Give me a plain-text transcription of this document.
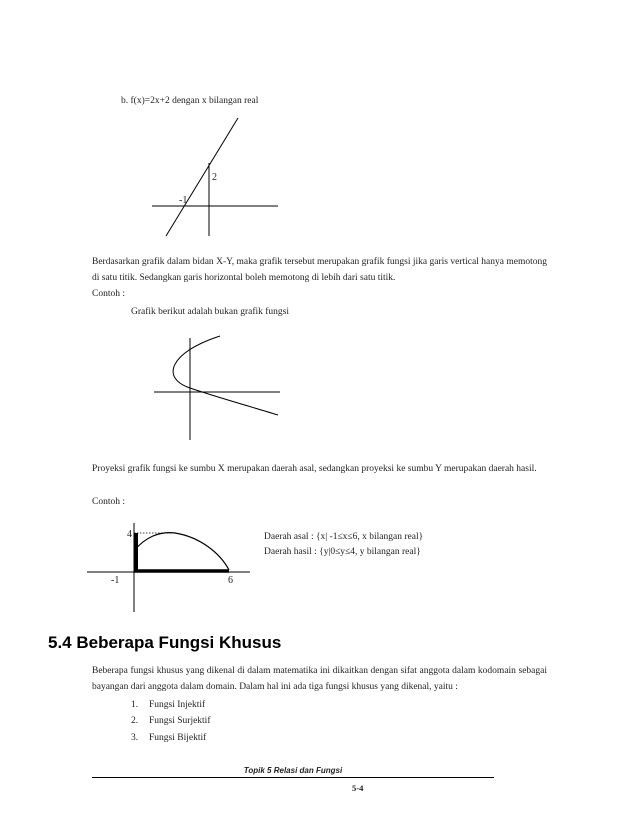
b. f(x)=2x+2 dengan x bilangan real
2
-1
Berdasarkan grafik dalam bidan X-Y, maka grafik tersebut merupakan grafik fungsi jika garis vertical hanya memotong di satu titik. Sedangkan garis horizontal boleh memotong di lebih dari satu titik.
Contoh :
Grafik berikut adalah bukan grafik fungsi
Proyeksi grafik fungsi ke sumbu X merupakan daerah asal, sedangkan proyeksi ke sumbu Y merupakan daerah hasil.
Contoh :
4
-1	6
Daerah asal : {x| -1≤x≤6, x bilangan real}
Daerah hasil : {y|0≤y≤4, y bilangan real}
5.4 Beberapa Fungsi Khusus
Beberapa fungsi khusus yang dikenal di dalam matematika ini dikaitkan dengan sifat anggota dalam kodomain sebagai bayangan dari anggota dalam domain. Dalam hal ini ada tiga fungsi khusus yang dikenal, yaitu :
1. Fungsi Injektif
2. Fungsi Surjektif
3. Fungsi Bijektif
Topik 5 Relasi dan Fungsi
5-4
